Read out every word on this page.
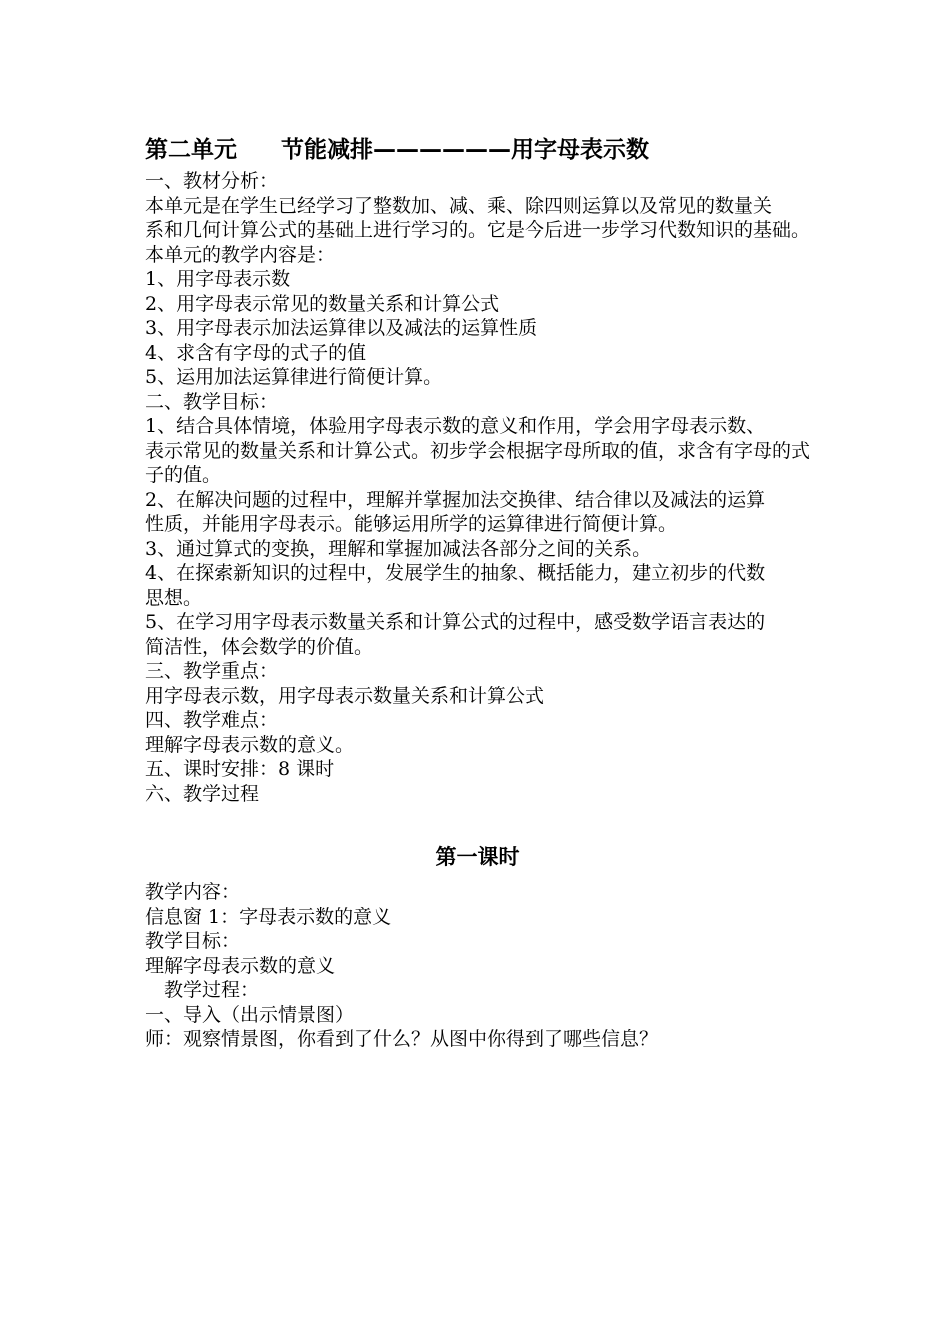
第二单元 节能减排——————用字母表示数
一、教材分析：
本单元是在学生已经学习了整数加、减、乘、除四则运算以及常见的数量关
系和几何计算公式的基础上进行学习的。它是今后进一步学习代数知识的基础。
本单元的教学内容是：
1、用字母表示数
2、用字母表示常见的数量关系和计算公式
3、用字母表示加法运算律以及减法的运算性质
4、求含有字母的式子的值
5、运用加法运算律进行简便计算。
二、教学目标：
1、结合具体情境，体验用字母表示数的意义和作用，学会用字母表示数、
表示常见的数量关系和计算公式。初步学会根据字母所取的值，求含有字母的式子的值。
2、在解决问题的过程中，理解并掌握加法交换律、结合律以及减法的运算
性质，并能用字母表示。能够运用所学的运算律进行简便计算。
3、通过算式的变换，理解和掌握加减法各部分之间的关系。
4、在探索新知识的过程中，发展学生的抽象、概括能力，建立初步的代数
思想。
5、在学习用字母表示数量关系和计算公式的过程中，感受数学语言表达的
简洁性，体会数学的价值。
三、教学重点：
用字母表示数，用字母表示数量关系和计算公式
四、教学难点：
理解字母表示数的意义。
五、课时安排：8 课时
六、教学过程
第一课时
教学内容：
信息窗 1：字母表示数的意义
教学目标：
理解字母表示数的意义
教学过程：
一、导入（出示情景图）
师：观察情景图，你看到了什么？从图中你得到了哪些信息？
